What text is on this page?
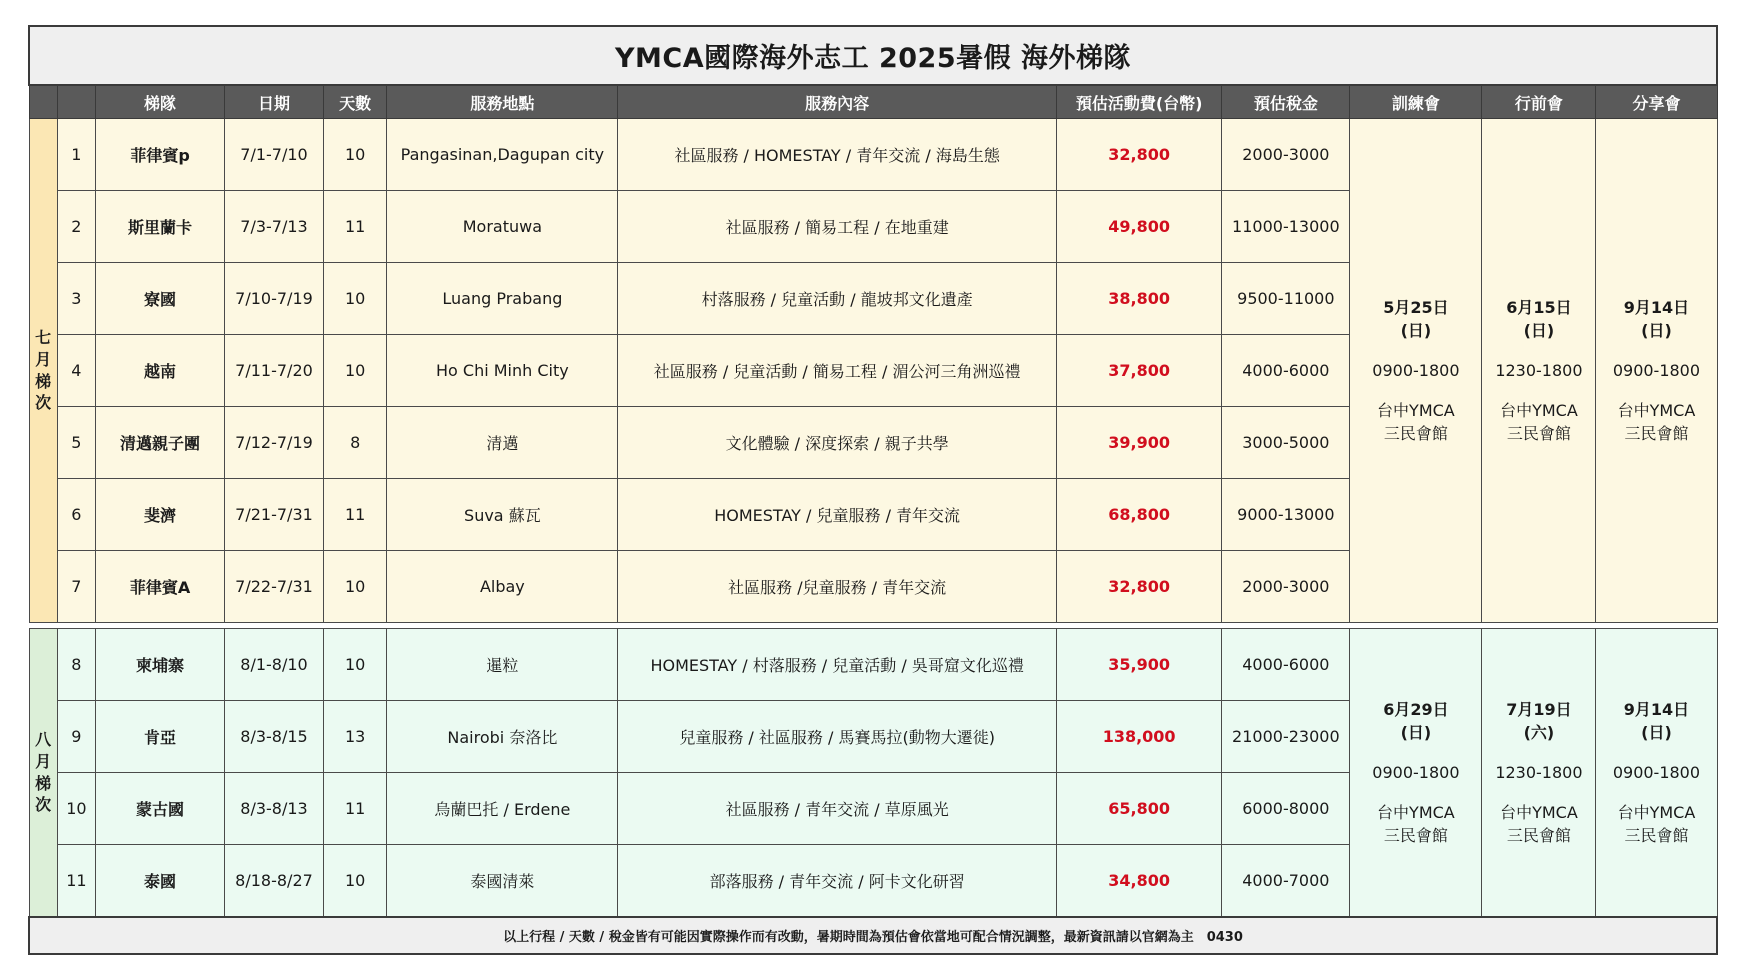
YMCA國際海外志工 2025暑假 海外梯隊											
		梯隊	日期	天數	服務地點	服務內容	預估活動費(台幣)	預估稅金	訓練會	行前會	分享會

七
月
梯
次	1	菲律賓p	7/1-7/10	10	Pangasinan,Dagupan city	社區服務 / HOMESTAY / 青年交流 / 海島生態	32,800	2000-3000	5月25日
(日)
0900-1800
台中YMCA
三民會館	6月15日
(日)
1230-1800
台中YMCA
三民會館	9月14日
(日)
0900-1800
台中YMCA
三民會館

	2	斯里蘭卡	7/3-7/13	11	Moratuwa	社區服務 / 簡易工程 / 在地重建	49,800	11000-13000			
	3	寮國	7/10-7/19	10	Luang Prabang	村落服務 / 兒童活動 / 龍坡邦文化遺產	38,800	9500-11000			
	4	越南	7/11-7/20	10	Ho Chi Minh City	社區服務 / 兒童活動 / 簡易工程 / 湄公河三角洲巡禮	37,800	4000-6000			
	5	清邁親子團	7/12-7/19	8	清邁	文化體驗 / 深度探索 / 親子共學	39,900	3000-5000			
	6	斐濟	7/21-7/31	11	Suva 蘇瓦	HOMESTAY / 兒童服務 / 青年交流	68,800	9000-13000			
	7	菲律賓A	7/22-7/31	10	Albay	社區服務 /兒童服務 / 青年交流	32,800	2000-3000			

八
月
梯
次	8	柬埔寨	8/1-8/10	10	暹粒	HOMESTAY / 村落服務 / 兒童活動 / 吳哥窟文化巡禮	35,900	4000-6000	6月29日
(日)
0900-1800
台中YMCA
三民會館	7月19日
(六)
1230-1800
台中YMCA
三民會館	9月14日
(日)
0900-1800
台中YMCA
三民會館

	9	肯亞	8/3-8/15	13	Nairobi 奈洛比	兒童服務 / 社區服務 / 馬賽馬拉(動物大遷徙)	138,000	21000-23000			
	10	蒙古國	8/3-8/13	11	烏蘭巴托 / Erdene	社區服務 / 青年交流 / 草原風光	65,800	6000-8000			
	11	泰國	8/18-8/27	10	泰國清萊	部落服務 / 青年交流 / 阿卡文化研習	34,800	4000-7000			
以上行程 / 天數 / 稅金皆有可能因實際操作而有改動，暑期時間為預估會依當地可配合情況調整，最新資訊請以官網為主　0430											
